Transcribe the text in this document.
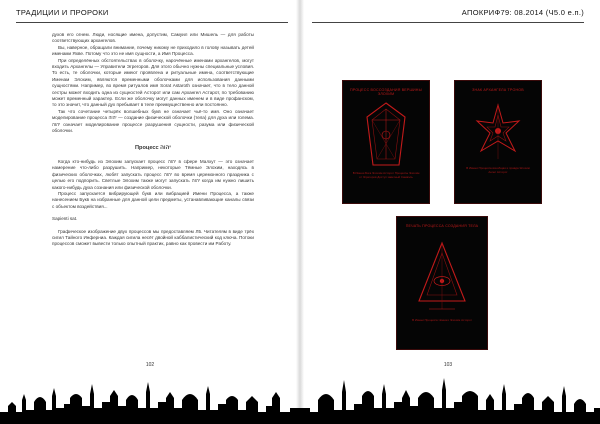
ТРАДИЦИИ И ПРОРОКИ

духов его огнем. Люди, носящие имена, допустим, Самуил или Мишель — для работы соответствующих архангелов.

Вы, наверное, обращали внимание, почему никому не приходило в голову называть детей именами Яхве. Потому что это не имя сущности, а Имя Процесса.

При определённых обстоятельствах в оболочку, нарочённые именами архангелов, могут входить Архангелы — Управители Эгрегоров. Для этого обычно нужны специальные условия. То есть, те оболочки, которые имеют проявлена и ритуальные имена, соответствующие Именам Элохим, являются временными оболочками для использования данными сущностями. Например, во время ритуалов имя Sorat Astaroth означает, что в тело данной сестры может входить одна из сущностей Асторот или сам Архангел Астарот, по требованию может временный характер. Если же оболочку могут данных именем и в виде профанском, то это значит, что данный дух пребывает в теле преимущественно или постоянно.

Так что сочетание четырёх волшебных букв не означает чьё-то имя. Оно означает моделирование процесса יהוה — создание физической оболочки (тела) для духа или голема. יהוה означает моделирование процессе разрушения сущности, разума или физической оболочки.

Процесс יהוה

Когда кто-нибудь из Элохим запускает процесс יהוה в сфере Малхут — это означает намерение что-либо разрушить. Например, некоторые Тёмные Элохим, находясь в физических оболочках, любят запускать процесс יהוה во время церемонного праздника с целью его подпорить. Светлые Элохим также могут запускать יהוה когда им нужно лишить какого-нибудь духа сознания или физической оболочки.

Процесс запускается вибрирующей букв или вибрацией Имени Процесса, а также нанесением Букв на избранные для данной цели предметы, устанавливающие каналы связи с объектом воздействия...

Sapienti sat.

Графическое изображение двух процессов мы предоставляем Л5. Читателям в виде трёх сигил Тайного Инферниа. Каждая сигила несёт двойной каббалистический код ключа. Потоки процессов сможет вывести только опытный практик, равно как провести им Работу.

102
АПОКРИФ79: 08.2014 (Ч5.0 е.п.)
ПРОЦЕСС ВОССОЗДАНИЯ ВЕРШИНЫ ЭЛОХИМ
В Имени Бога Элохим Асторот Процессы Элохим от Эгрегоров Доступ заветный Самаэль
ЗНАК АРХАНГЕЛА ТРОНОВ
В Имени Процесса всеобщая и правда Элохим Ангел Асторот
ПЕЧАТЬ ПРОЦЕССА СОЗДАНИЯ ТЕЛА
В Имени Процесса тёмного Элохим Асторот
103
